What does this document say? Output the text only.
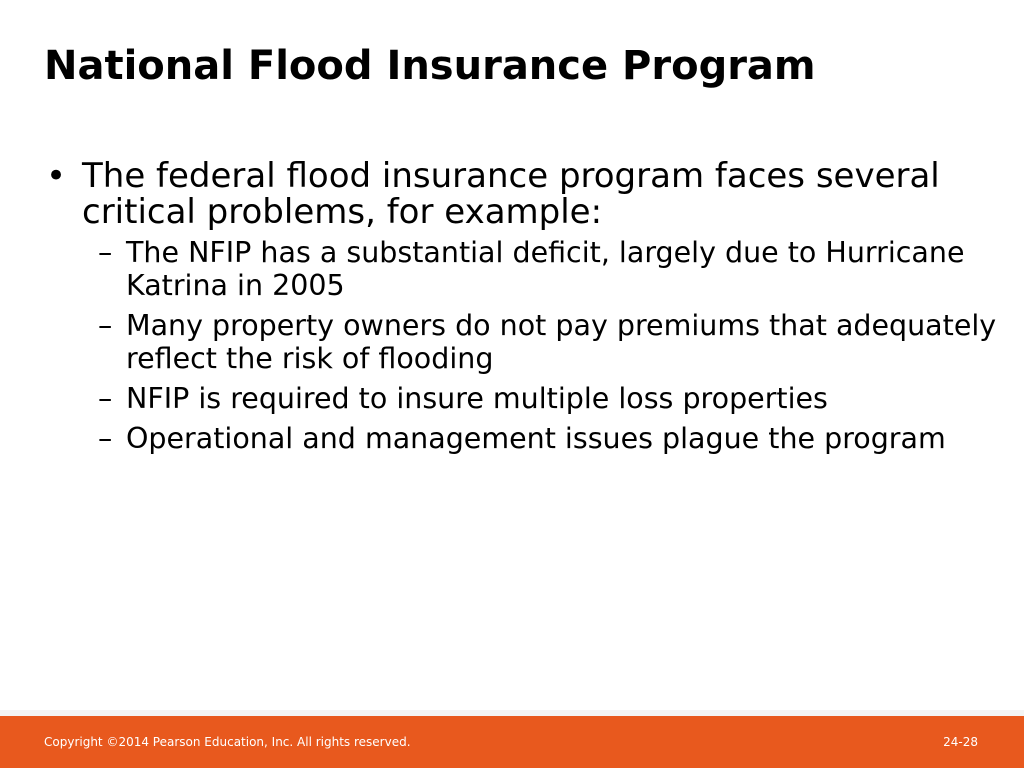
National Flood Insurance Program
• The federal flood insurance program faces several critical problems, for example:
– The NFIP has a substantial deficit, largely due to Hurricane Katrina in 2005
– Many property owners do not pay premiums that adequately reflect the risk of flooding
– NFIP is required to insure multiple loss properties
– Operational and management issues plague the program
Copyright ©2014 Pearson Education, Inc. All rights reserved.	24-28
